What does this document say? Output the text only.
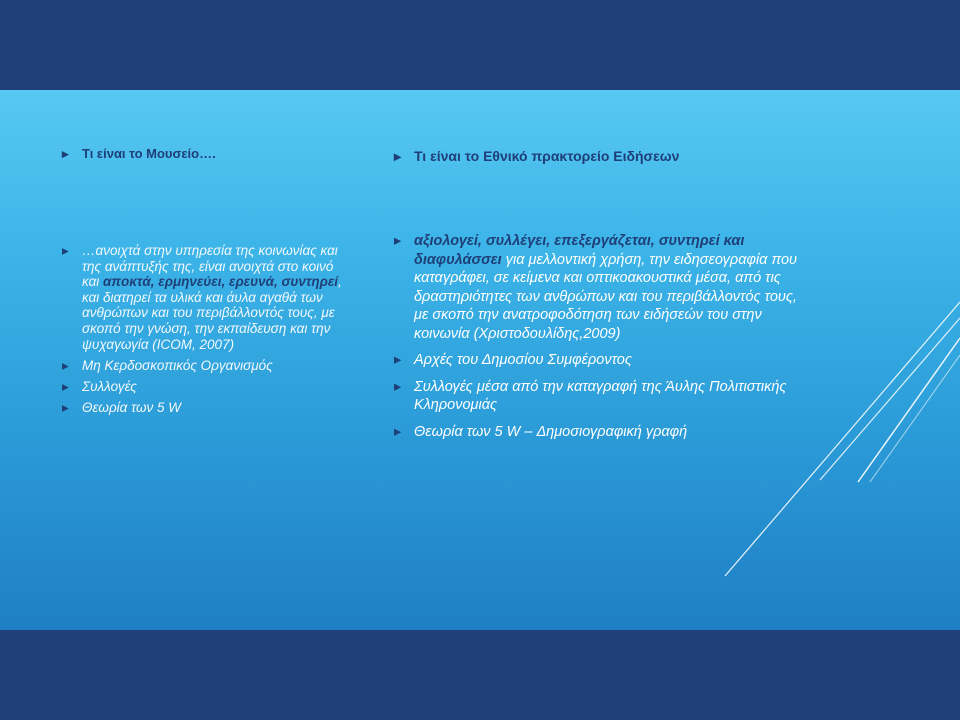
▸ Τι είναι το Μουσείο….
▸ …ανοιχτά στην υπηρεσία της κοινωνίας και της ανάπτυξής της, είναι ανοιχτά στο κοινό και αποκτά, ερμηνεύει, ερευνά, συντηρεί, και διατηρεί τα υλικά και άυλα αγαθά των ανθρώπων και του περιβάλλοντός τους, με σκοπό την γνώση, την εκπαίδευση και την ψυχαγωγία (ICOM, 2007)
▸ Μη Κερδοσκοπικός Οργανισμός
▸ Συλλογές
▸ Θεωρία των 5 W
▸ Τι είναι το Εθνικό πρακτορείο Ειδήσεων
▸ αξιολογεί, συλλέγει, επεξεργάζεται, συντηρεί και διαφυλάσσει για μελλοντική χρήση, την ειδησεογραφία που καταγράφει, σε κείμενα και οπτικοακουστικά μέσα, από τις δραστηριότητες των ανθρώπων και του περιβάλλοντός τους, με σκοπό την ανατροφοδότηση των ειδήσεών του στην κοινωνία (Χριστοδουλίδης,2009)
▸ Αρχές του Δημοσίου Συμφέροντος
▸ Συλλογές μέσα από την καταγραφή της Άυλης Πολιτιστικής Κληρονομιάς
▸ Θεωρία των 5 W – Δημοσιογραφική γραφή
